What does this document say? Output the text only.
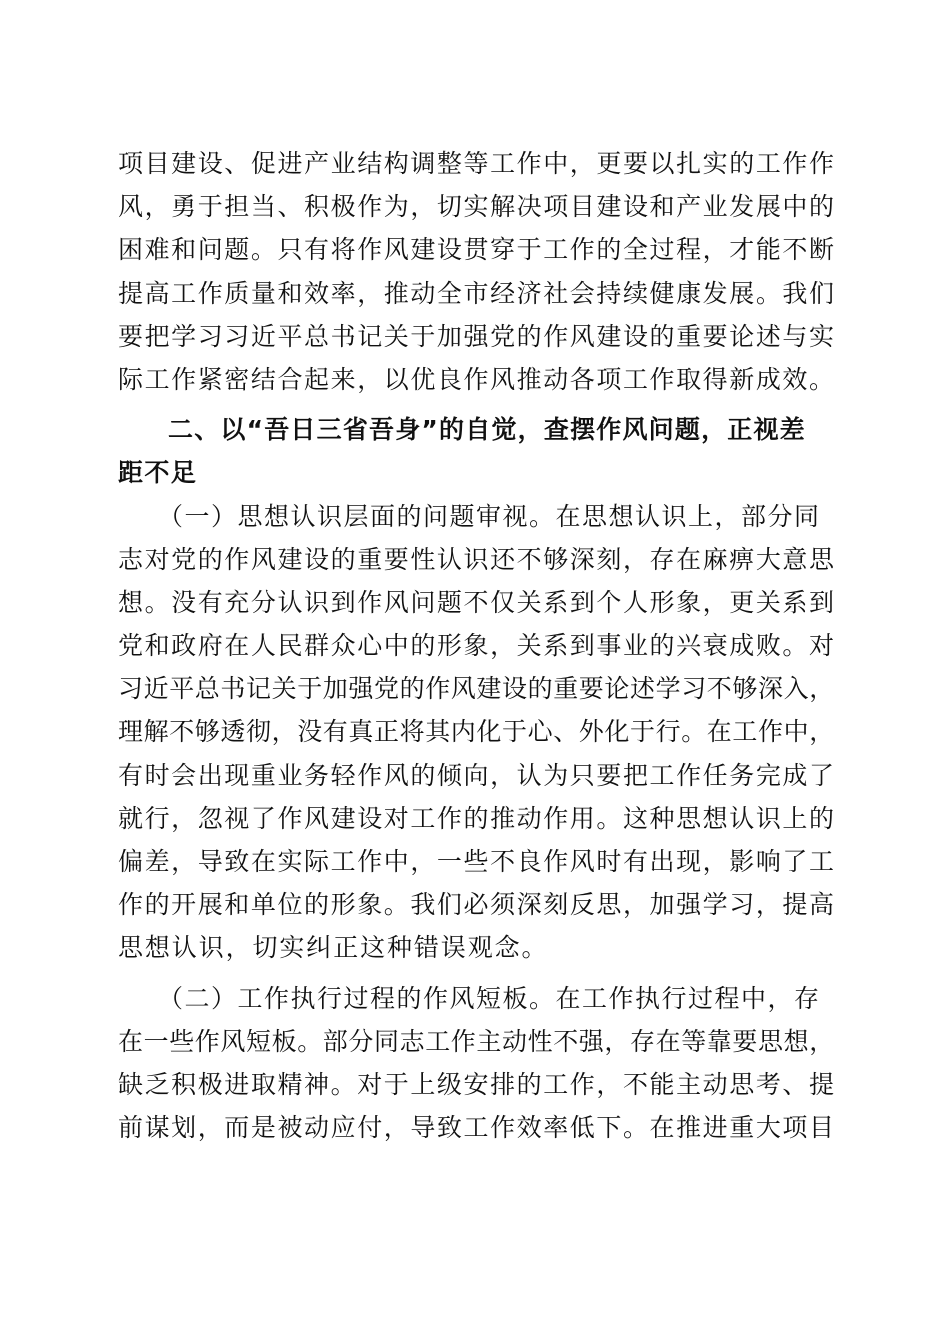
项目建设、促进产业结构调整等工作中，更要以扎实的工作作
风，勇于担当、积极作为，切实解决项目建设和产业发展中的
困难和问题。只有将作风建设贯穿于工作的全过程，才能不断
提高工作质量和效率，推动全市经济社会持续健康发展。我们
要把学习习近平总书记关于加强党的作风建设的重要论述与实
际工作紧密结合起来，以优良作风推动各项工作取得新成效。
二、以“吾日三省吾身”的自觉，查摆作风问题，正视差
距不足
（一）思想认识层面的问题审视。在思想认识上，部分同
志对党的作风建设的重要性认识还不够深刻，存在麻痹大意思
想。没有充分认识到作风问题不仅关系到个人形象，更关系到
党和政府在人民群众心中的形象，关系到事业的兴衰成败。对
习近平总书记关于加强党的作风建设的重要论述学习不够深入，
理解不够透彻，没有真正将其内化于心、外化于行。在工作中，
有时会出现重业务轻作风的倾向，认为只要把工作任务完成了
就行，忽视了作风建设对工作的推动作用。这种思想认识上的
偏差，导致在实际工作中，一些不良作风时有出现，影响了工
作的开展和单位的形象。我们必须深刻反思，加强学习，提高
思想认识，切实纠正这种错误观念。
（二）工作执行过程的作风短板。在工作执行过程中，存
在一些作风短板。部分同志工作主动性不强，存在等靠要思想，
缺乏积极进取精神。对于上级安排的工作，不能主动思考、提
前谋划，而是被动应付，导致工作效率低下。在推进重大项目
